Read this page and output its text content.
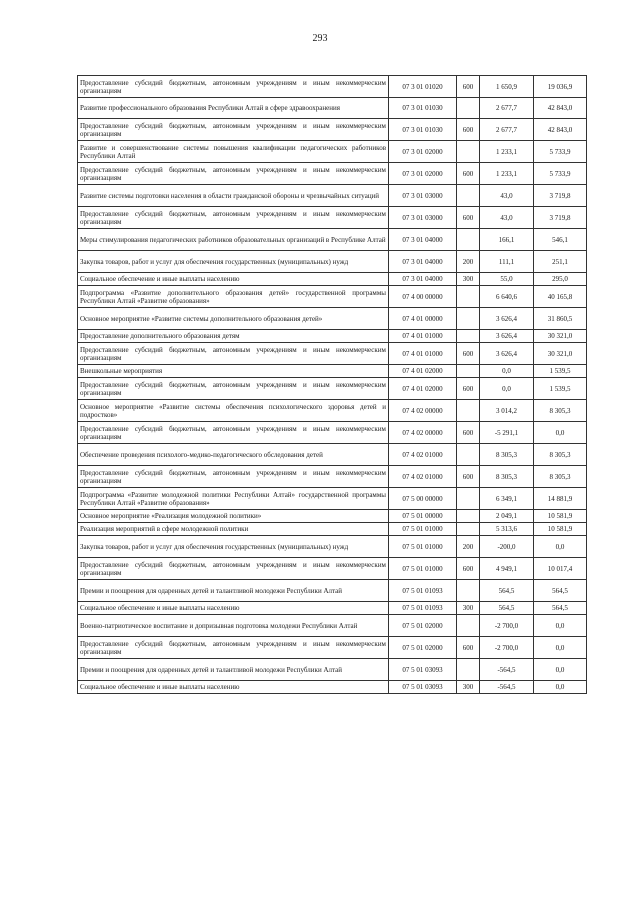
293
Предоставление субсидий бюджетным, автономным учреждениям и иным некоммерческим организациям	07 3 01 01020	600	1 650,9	19 036,9
Развитие профессионального образования Республики Алтай в сфере здравоохранения	07 3 01 01030		2 677,7	42 843,0
Предоставление субсидий бюджетным, автономным учреждениям и иным некоммерческим организациям	07 3 01 01030	600	2 677,7	42 843,0
Развитие и совершенствование системы повышения квалификации педагогических работников Республики Алтай	07 3 01 02000		1 233,1	5 733,9
Предоставление субсидий бюджетным, автономным учреждениям и иным некоммерческим организациям	07 3 01 02000	600	1 233,1	5 733,9
Развитие системы подготовки населения в области гражданской обороны и чрезвычайных ситуаций	07 3 01 03000		43,0	3 719,8
Предоставление субсидий бюджетным, автономным учреждениям и иным некоммерческим организациям	07 3 01 03000	600	43,0	3 719,8
Меры стимулирования педагогических работников образовательных организаций в Республике Алтай	07 3 01 04000		166,1	546,1
Закупка товаров, работ и услуг для обеспечения государственных (муниципальных) нужд	07 3 01 04000	200	111,1	251,1
Социальное обеспечение и иные выплаты населению	07 3 01 04000	300	55,0	295,0
Подпрограмма «Развитие дополнительного образования детей» государственной программы Республики Алтай «Развитие образования»	07 4 00 00000		6 640,6	40 165,8
Основное мероприятие «Развитие системы дополнительного образования детей»	07 4 01 00000		3 626,4	31 860,5
Предоставление дополнительного образования детям	07 4 01 01000		3 626,4	30 321,0
Предоставление субсидий бюджетным, автономным учреждениям и иным некоммерческим организациям	07 4 01 01000	600	3 626,4	30 321,0
Внешкольные мероприятия	07 4 01 02000		0,0	1 539,5
Предоставление субсидий бюджетным, автономным учреждениям и иным некоммерческим организациям	07 4 01 02000	600	0,0	1 539,5
Основное мероприятие «Развитие системы обеспечения психологического здоровья детей и подростков»	07 4 02 00000		3 014,2	8 305,3
Предоставление субсидий бюджетным, автономным учреждениям и иным некоммерческим организациям	07 4 02 00000	600	-5 291,1	0,0
Обеспечение проведения психолого-медико-педагогического обследования детей	07 4 02 01000		8 305,3	8 305,3
Предоставление субсидий бюджетным, автономным учреждениям и иным некоммерческим организациям	07 4 02 01000	600	8 305,3	8 305,3
Подпрограмма «Развитие молодежной политики Республики Алтай» государственной программы Республики Алтай «Развитие образования»	07 5 00 00000		6 349,1	14 881,9
Основное мероприятие «Реализация молодежной политики»	07 5 01 00000		2 049,1	10 581,9
Реализация мероприятий в сфере молодежной политики	07 5 01 01000		5 313,6	10 581,9
Закупка товаров, работ и услуг для обеспечения государственных (муниципальных) нужд	07 5 01 01000	200	-200,0	0,0
Предоставление субсидий бюджетным, автономным учреждениям и иным некоммерческим организациям	07 5 01 01000	600	4 949,1	10 017,4
Премии и поощрения для одаренных детей и талантливой молодежи Республики Алтай	07 5 01 01093		564,5	564,5
Социальное обеспечение и иные выплаты населению	07 5 01 01093	300	564,5	564,5
Военно-патриотическое воспитание и допризывная подготовка молодежи Республики Алтай	07 5 01 02000		-2 700,0	0,0
Предоставление субсидий бюджетным, автономным учреждениям и иным некоммерческим организациям	07 5 01 02000	600	-2 700,0	0,0
Премии и поощрения для одаренных детей и талантливой молодежи Республики Алтай	07 5 01 03093		-564,5	0,0
Социальное обеспечение и иные выплаты населению	07 5 01 03093	300	-564,5	0,0
